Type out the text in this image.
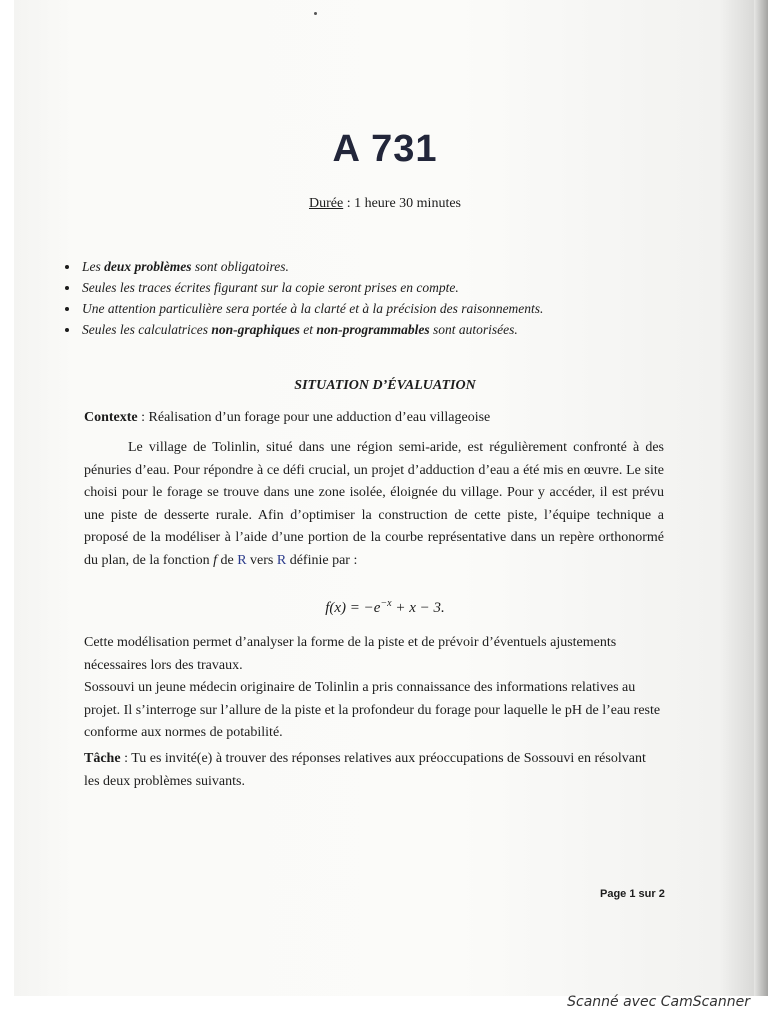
A 731
Durée : 1 heure 30 minutes
• Les deux problèmes sont obligatoires.
• Seules les traces écrites figurant sur la copie seront prises en compte.
• Une attention particulière sera portée à la clarté et à la précision des raisonnements.
• Seules les calculatrices non-graphiques et non-programmables sont autorisées.
SITUATION D’ÉVALUATION
Contexte : Réalisation d’un forage pour une adduction d’eau villageoise

Le village de Tolinlin, situé dans une région semi-aride, est régulièrement confronté à des pénuries d’eau. Pour répondre à ce défi crucial, un projet d’adduction d’eau a été mis en œuvre. Le site choisi pour le forage se trouve dans une zone isolée, éloignée du village. Pour y accéder, il est prévu une piste de desserte rurale. Afin d’optimiser la construction de cette piste, l’équipe technique a proposé de la modéliser à l’aide d’une portion de la courbe représentative dans un repère orthonormé du plan, de la fonction f de R vers R définie par :

$f(x) = -e^{-x} + x - 3$.

Cette modélisation permet d’analyser la forme de la piste et de prévoir d’éventuels ajustements nécessaires lors des travaux.

Sossouvi un jeune médecin originaire de Tolinlin a pris connaissance des informations relatives au projet. Il s’interroge sur l’allure de la piste et la profondeur du forage pour laquelle le pH de l’eau reste conforme aux normes de potabilité.

Tâche : Tu es invité(e) à trouver des réponses relatives aux préoccupations de Sossouvi en résolvant les deux problèmes suivants.

Page 1 sur 2
Scanné avec CamScanner
